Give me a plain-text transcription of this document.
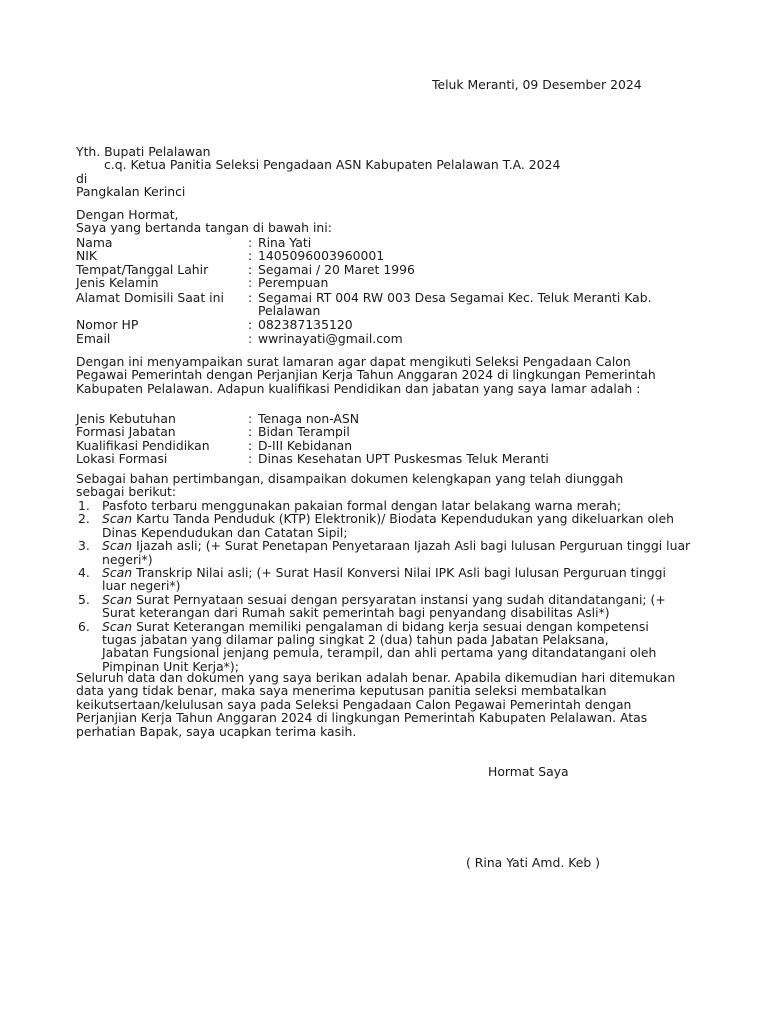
Teluk Meranti, 09 Desember 2024
Yth. Bupati Pelalawan
c.q. Ketua Panitia Seleksi Pengadaan ASN Kabupaten Pelalawan T.A. 2024
di
Pangkalan Kerinci
Dengan Hormat,
Saya yang bertanda tangan di bawah ini:
Nama	: Rina Yati
NIK	: 1405096003960001
Tempat/Tanggal Lahir	: Segamai / 20 Maret 1996
Jenis Kelamin	: Perempuan
Alamat Domisili Saat ini	: Segamai RT 004 RW 003 Desa Segamai Kec. Teluk Meranti Kab. Pelalawan
Nomor HP	: 082387135120
Email	: wwrinayati@gmail.com
Dengan ini menyampaikan surat lamaran agar dapat mengikuti Seleksi Pengadaan Calon Pegawai Pemerintah dengan Perjanjian Kerja Tahun Anggaran 2024 di lingkungan Pemerintah Kabupaten Pelalawan. Adapun kualifikasi Pendidikan dan jabatan yang saya lamar adalah :
Jenis Kebutuhan	: Tenaga non-ASN
Formasi Jabatan	: Bidan Terampil
Kualifikasi Pendidikan	: D-III Kebidanan
Lokasi Formasi	: Dinas Kesehatan UPT Puskesmas Teluk Meranti
Sebagai bahan pertimbangan, disampaikan dokumen kelengkapan yang telah diunggah sebagai berikut:
1. Pasfoto terbaru menggunakan pakaian formal dengan latar belakang warna merah;
2. Scan Kartu Tanda Penduduk (KTP) Elektronik)/ Biodata Kependudukan yang dikeluarkan oleh Dinas Kependudukan dan Catatan Sipil;
3. Scan Ijazah asli; (+ Surat Penetapan Penyetaraan Ijazah Asli bagi lulusan Perguruan tinggi luar negeri*)
4. Scan Transkrip Nilai asli; (+ Surat Hasil Konversi Nilai IPK Asli bagi lulusan Perguruan tinggi luar negeri*)
5. Scan Surat Pernyataan sesuai dengan persyaratan instansi yang sudah ditandatangani; (+ Surat keterangan dari Rumah sakit pemerintah bagi penyandang disabilitas Asli*)
6. Scan Surat Keterangan memiliki pengalaman di bidang kerja sesuai dengan kompetensi tugas jabatan yang dilamar paling singkat 2 (dua) tahun pada Jabatan Pelaksana, Jabatan Fungsional jenjang pemula, terampil, dan ahli pertama yang ditandatangani oleh Pimpinan Unit Kerja*);
Seluruh data dan dokumen yang saya berikan adalah benar. Apabila dikemudian hari ditemukan data yang tidak benar, maka saya menerima keputusan panitia seleksi membatalkan keikutsertaan/kelulusan saya pada Seleksi Pengadaan Calon Pegawai Pemerintah dengan Perjanjian Kerja Tahun Anggaran 2024 di lingkungan Pemerintah Kabupaten Pelalawan. Atas perhatian Bapak, saya ucapkan terima kasih.
Hormat Saya
( Rina Yati Amd. Keb )
